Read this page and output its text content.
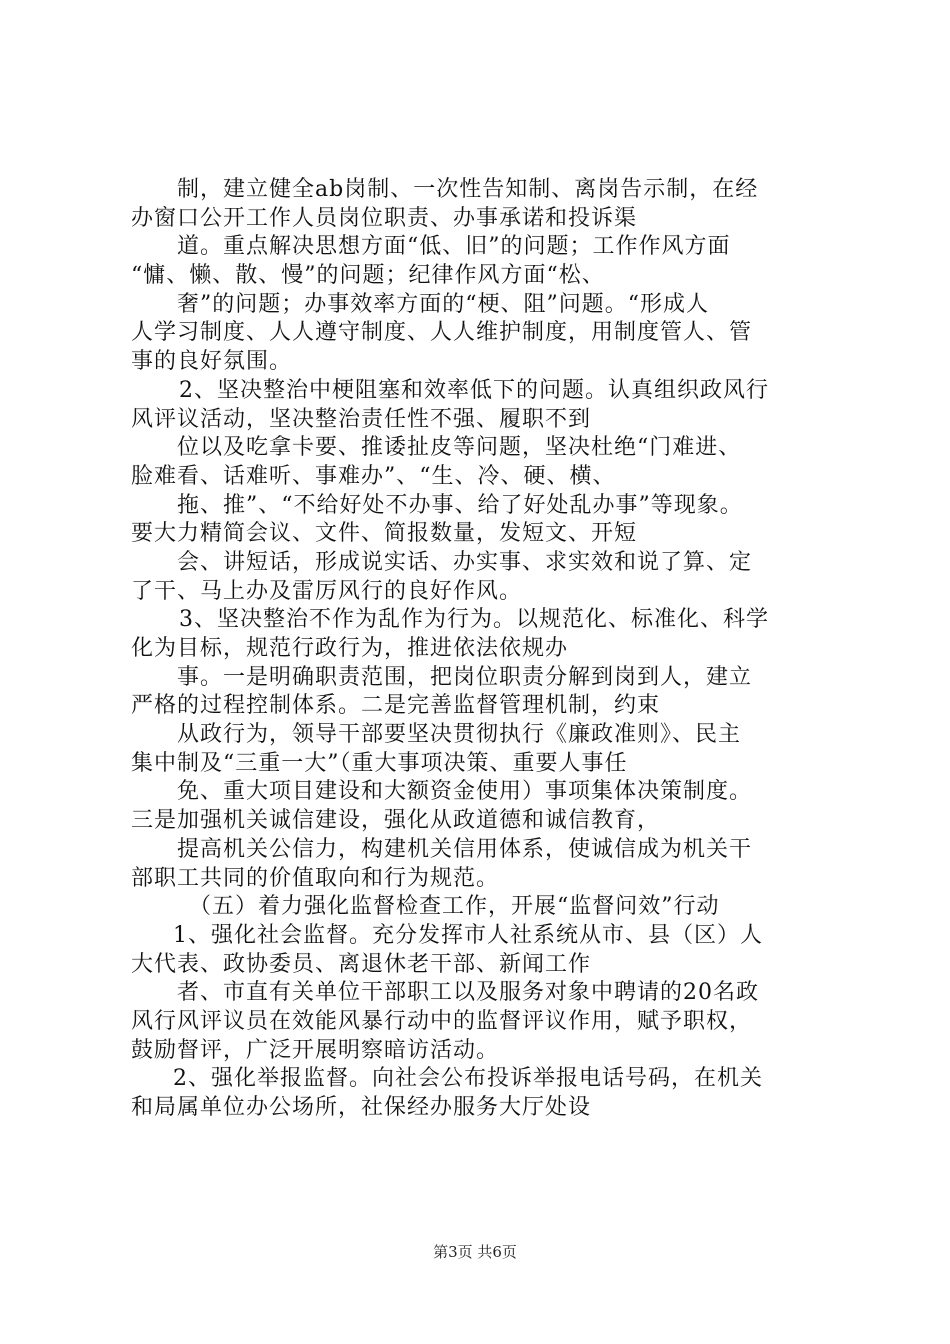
制，建立健全ab岗制、一次性告知制、离岗告示制，在经
办窗口公开工作人员岗位职责、办事承诺和投诉渠
道。重点解决思想方面“低、旧”的问题；工作作风方面
“慵、懒、散、慢”的问题；纪律作风方面“松、
奢”的问题；办事效率方面的“梗、阻”问题。“形成人
人学习制度、人人遵守制度、人人维护制度，用制度管人、管
事的良好氛围。
2、坚决整治中梗阻塞和效率低下的问题。认真组织政风行
风评议活动，坚决整治责任性不强、履职不到
位以及吃拿卡要、推诿扯皮等问题，坚决杜绝“门难进、
脸难看、话难听、事难办”、“生、冷、硬、横、
拖、推”、“不给好处不办事、给了好处乱办事”等现象。
要大力精简会议、文件、简报数量，发短文、开短
会、讲短话，形成说实话、办实事、求实效和说了算、定
了干、马上办及雷厉风行的良好作风。
3、坚决整治不作为乱作为行为。以规范化、标准化、科学
化为目标，规范行政行为，推进依法依规办
事。一是明确职责范围，把岗位职责分解到岗到人，建立
严格的过程控制体系。二是完善监督管理机制，约束
从政行为，领导干部要坚决贯彻执行《廉政准则》、民主
集中制及“三重一大”（重大事项决策、重要人事任
免、重大项目建设和大额资金使用）事项集体决策制度。
三是加强机关诚信建设，强化从政道德和诚信教育，
提高机关公信力，构建机关信用体系，使诚信成为机关干
部职工共同的价值取向和行为规范。
（五）着力强化监督检查工作，开展“监督问效”行动
1、强化社会监督。充分发挥市人社系统从市、县（区）人
大代表、政协委员、离退休老干部、新闻工作
者、市直有关单位干部职工以及服务对象中聘请的20名政
风行风评议员在效能风暴行动中的监督评议作用，赋予职权，
鼓励督评，广泛开展明察暗访活动。
2、强化举报监督。向社会公布投诉举报电话号码，在机关
和局属单位办公场所，社保经办服务大厅处设
第3页 共6页
